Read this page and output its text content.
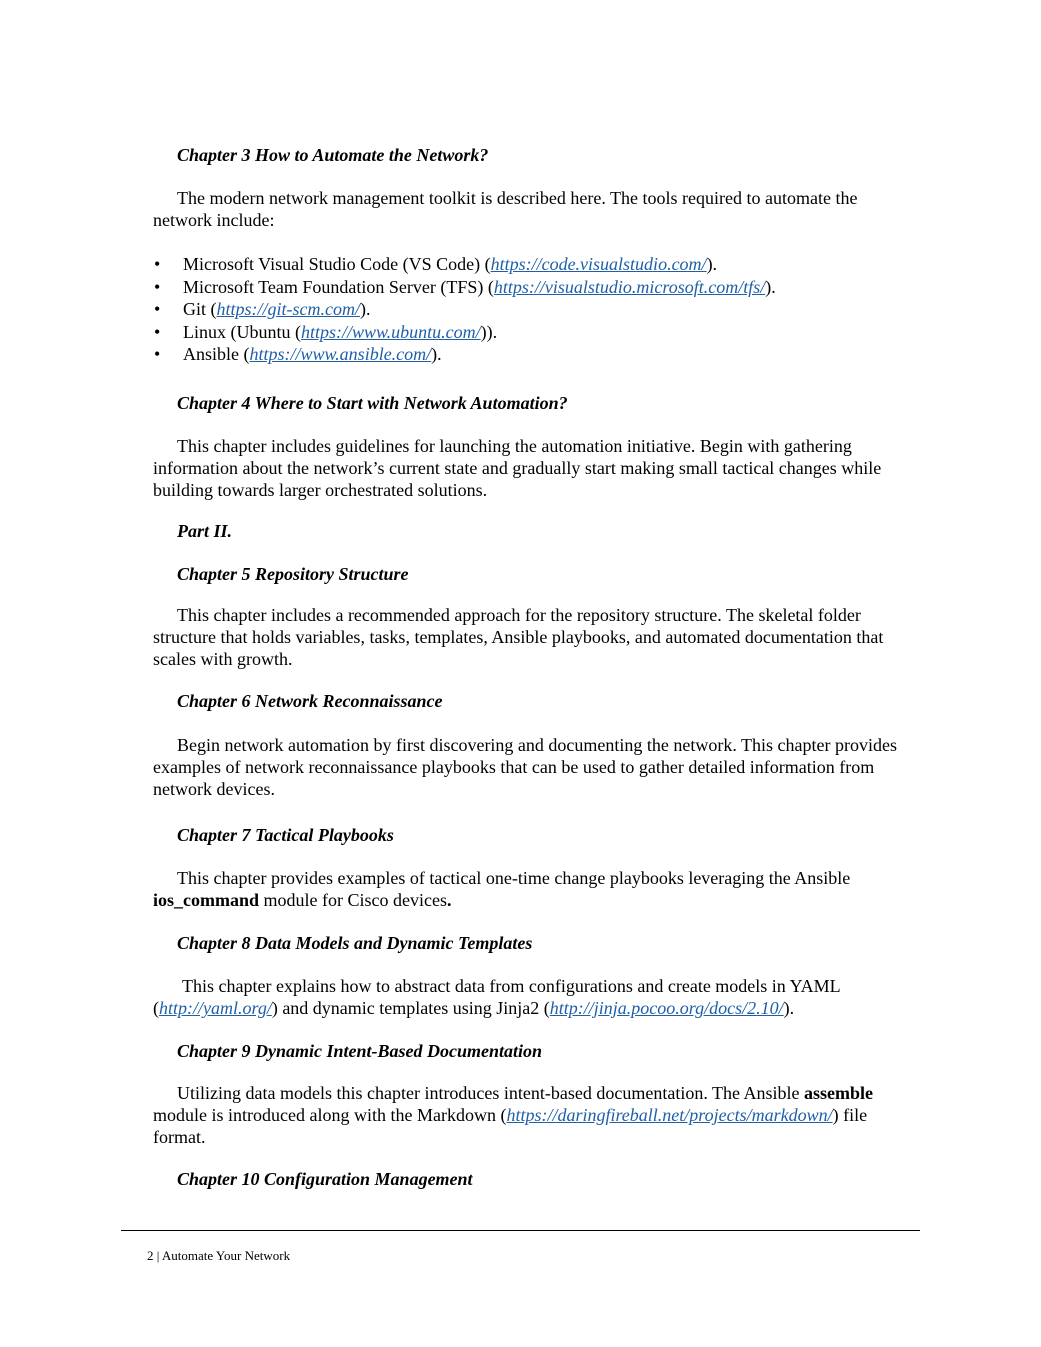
Chapter 3 How to Automate the Network?

The modern network management toolkit is described here. The tools required to automate the network include:

• Microsoft Visual Studio Code (VS Code) (https://code.visualstudio.com/).
• Microsoft Team Foundation Server (TFS) (https://visualstudio.microsoft.com/tfs/).
• Git (https://git-scm.com/).
• Linux (Ubuntu (https://www.ubuntu.com/)).
• Ansible (https://www.ansible.com/).

Chapter 4 Where to Start with Network Automation?

This chapter includes guidelines for launching the automation initiative. Begin with gathering information about the network’s current state and gradually start making small tactical changes while building towards larger orchestrated solutions.

Part II.

Chapter 5 Repository Structure

This chapter includes a recommended approach for the repository structure. The skeletal folder structure that holds variables, tasks, templates, Ansible playbooks, and automated documentation that scales with growth.

Chapter 6 Network Reconnaissance

Begin network automation by first discovering and documenting the network. This chapter provides examples of network reconnaissance playbooks that can be used to gather detailed information from network devices.

Chapter 7 Tactical Playbooks

This chapter provides examples of tactical one-time change playbooks leveraging the Ansible ios_command module for Cisco devices.

Chapter 8 Data Models and Dynamic Templates

This chapter explains how to abstract data from configurations and create models in YAML (http://yaml.org/) and dynamic templates using Jinja2 (http://jinja.pocoo.org/docs/2.10/).

Chapter 9 Dynamic Intent-Based Documentation

Utilizing data models this chapter introduces intent-based documentation. The Ansible assemble module is introduced along with the Markdown (https://daringfireball.net/projects/markdown/) file format.

Chapter 10 Configuration Management

2 | Automate Your Network
